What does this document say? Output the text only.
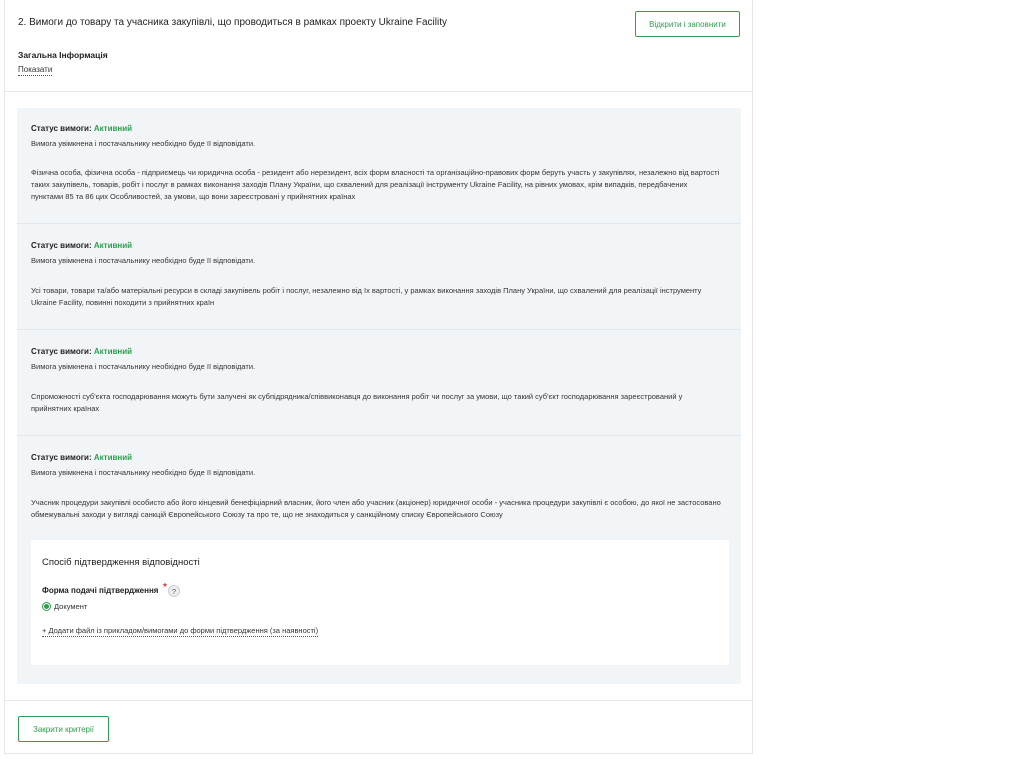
2. Вимоги до товару та учасника закупівлі, що проводиться в рамках проекту Ukraine Facility	Відкрити і заповнити
Загальна Інформація
Показати
Статус вимоги: Активний
Вимога увімкнена і постачальнику необхідно буде її відповідати.
Фізична особа, фізична особа - підприємець чи юридична особа - резидент або нерезидент, всіх форм власності та організаційно-правових форм беруть участь у закупівлях, незалежно від вартості таких закупівель, товарів, робіт і послуг в рамках виконання заходів Плану України, що схвалений для реалізації інструменту Ukraine Facility, на рівних умовах, крім випадків, передбачених пунктами 85 та 86 цих Особливостей, за умови, що вони зареєстровані у прийнятних країнах
Статус вимоги: Активний
Вимога увімкнена і постачальнику необхідно буде її відповідати.
Усі товари, товари та/або матеріальні ресурси в складі закупівель робіт і послуг, незалежно від їх вартості, у рамках виконання заходів Плану України, що схвалений для реалізації інструменту Ukraine Facility, повинні походити з прийнятних країн
Статус вимоги: Активний
Вимога увімкнена і постачальнику необхідно буде її відповідати.
Спроможності суб'єкта господарювання можуть бути залучені як субпідрядника/співвиконавця до виконання робіт чи послуг за умови, що такий суб'єкт господарювання зареєстрований у прийнятних країнах
Статус вимоги: Активний
Вимога увімкнена і постачальнику необхідно буде її відповідати.
Учасник процедури закупівлі особисто або його кінцевий бенефіціарний власник, його член або учасник (акціонер) юридичної особи - учасника процедури закупівлі є особою, до якої не застосовано обмежувальні заходи у вигляді санкцій Європейського Союзу та про те, що не знаходиться у санкційному списку Європейського Союзу
Спосіб підтвердження відповідності
Форма подачі підтвердження * ?
Документ
+ Додати файл із прикладом/вимогами до форми підтвердження (за наявності)
Закрити критерії
